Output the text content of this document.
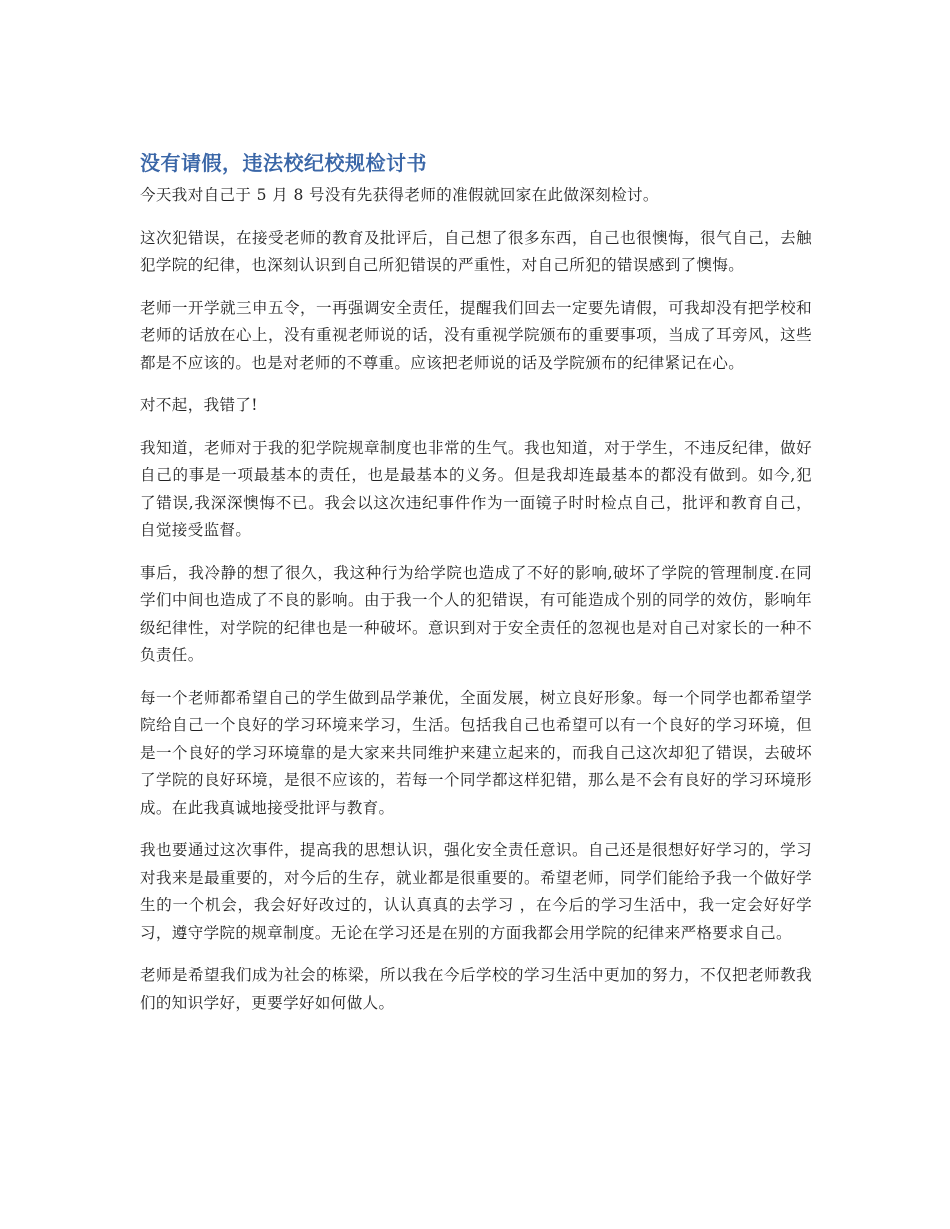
没有请假，违法校纪校规检讨书

今天我对自己于 5 月 8 号没有先获得老师的准假就回家在此做深刻检讨。

这次犯错误，在接受老师的教育及批评后，自己想了很多东西，自己也很懊悔，很气自己，去触犯学院的纪律，也深刻认识到自己所犯错误的严重性，对自己所犯的错误感到了懊悔。

老师一开学就三申五令，一再强调安全责任，提醒我们回去一定要先请假，可我却没有把学校和老师的话放在心上，没有重视老师说的话，没有重视学院颁布的重要事项，当成了耳旁风，这些都是不应该的。也是对老师的不尊重。应该把老师说的话及学院颁布的纪律紧记在心。

对不起，我错了!

我知道，老师对于我的犯学院规章制度也非常的生气。我也知道，对于学生，不违反纪律，做好自己的事是一项最基本的责任，也是最基本的义务。但是我却连最基本的都没有做到。如今,犯了错误,我深深懊悔不已。我会以这次违纪事件作为一面镜子时时检点自己，批评和教育自己，自觉接受监督。

事后，我冷静的想了很久，我这种行为给学院也造成了不好的影响,破坏了学院的管理制度.在同学们中间也造成了不良的影响。由于我一个人的犯错误，有可能造成个别的同学的效仿，影响年级纪律性，对学院的纪律也是一种破坏。意识到对于安全责任的忽视也是对自己对家长的一种不负责任。

每一个老师都希望自己的学生做到品学兼优，全面发展，树立良好形象。每一个同学也都希望学院给自己一个良好的学习环境来学习，生活。包括我自己也希望可以有一个良好的学习环境，但是一个良好的学习环境靠的是大家来共同维护来建立起来的，而我自己这次却犯了错误，去破坏了学院的良好环境，是很不应该的，若每一个同学都这样犯错，那么是不会有良好的学习环境形成。在此我真诚地接受批评与教育。

我也要通过这次事件，提高我的思想认识，强化安全责任意识。自己还是很想好好学习的，学习对我来是最重要的，对今后的生存，就业都是很重要的。希望老师，同学们能给予我一个做好学生的一个机会，我会好好改过的，认认真真的去学习 ，在今后的学习生活中，我一定会好好学习，遵守学院的规章制度。无论在学习还是在别的方面我都会用学院的纪律来严格要求自己。

老师是希望我们成为社会的栋梁，所以我在今后学校的学习生活中更加的努力，不仅把老师教我们的知识学好，更要学好如何做人。
